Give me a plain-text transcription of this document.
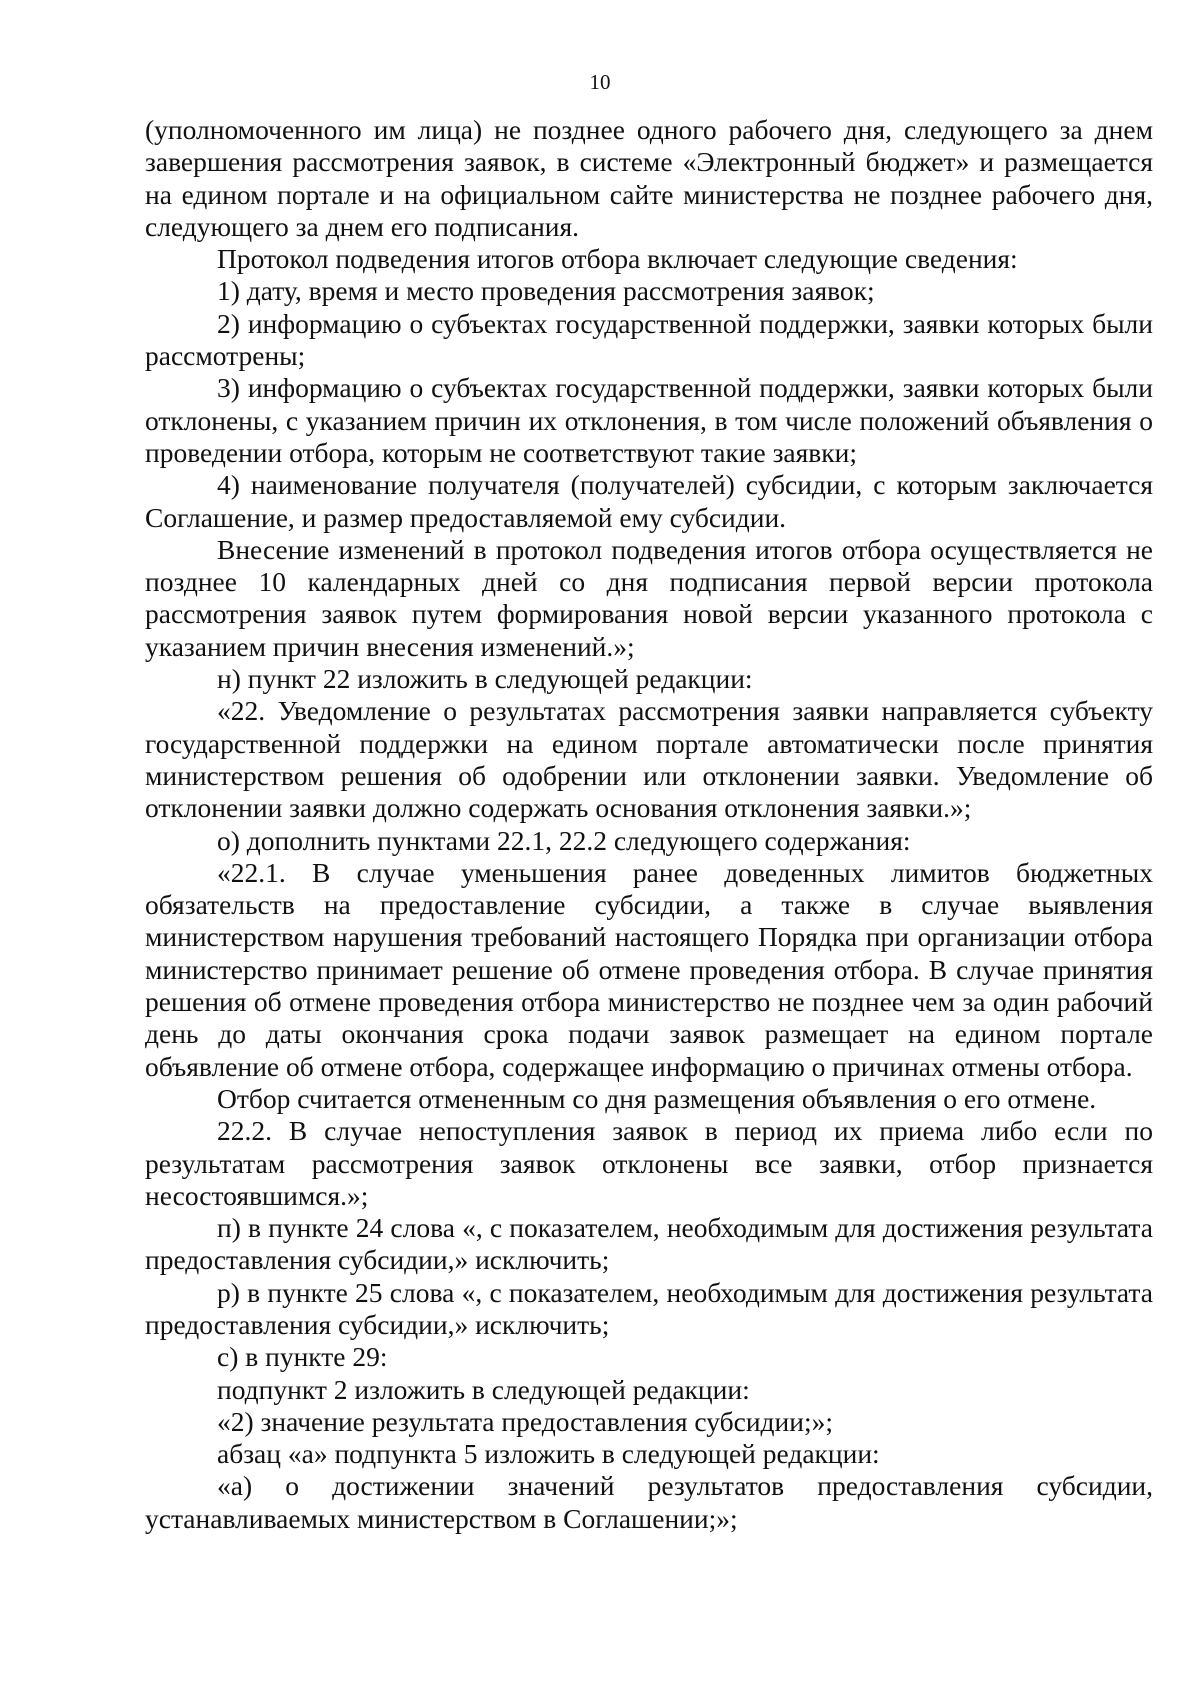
10

(уполномоченного им лица) не позднее одного рабочего дня, следующего за днем завершения рассмотрения заявок, в системе «Электронный бюджет» и размещается на едином портале и на официальном сайте министерства не позднее рабочего дня, следующего за днем его подписания.

Протокол подведения итогов отбора включает следующие сведения:

1) дату, время и место проведения рассмотрения заявок;

2) информацию о субъектах государственной поддержки, заявки которых были рассмотрены;

3) информацию о субъектах государственной поддержки, заявки которых были отклонены, с указанием причин их отклонения, в том числе положений объявления о проведении отбора, которым не соответствуют такие заявки;

4) наименование получателя (получателей) субсидии, с которым заключается Соглашение, и размер предоставляемой ему субсидии.

Внесение изменений в протокол подведения итогов отбора осуществляется не позднее 10 календарных дней со дня подписания первой версии протокола рассмотрения заявок путем формирования новой версии указанного протокола с указанием причин внесения изменений.»;

н) пункт 22 изложить в следующей редакции:

«22. Уведомление о результатах рассмотрения заявки направляется субъекту государственной поддержки на едином портале автоматически после принятия министерством решения об одобрении или отклонении заявки. Уведомление об отклонении заявки должно содержать основания отклонения заявки.»;

о) дополнить пунктами 22.1, 22.2 следующего содержания:

«22.1. В случае уменьшения ранее доведенных лимитов бюджетных обязательств на предоставление субсидии, а также в случае выявления министерством нарушения требований настоящего Порядка при организации отбора министерство принимает решение об отмене проведения отбора. В случае принятия решения об отмене проведения отбора министерство не позднее чем за один рабочий день до даты окончания срока подачи заявок размещает на едином портале объявление об отмене отбора, содержащее информацию о причинах отмены отбора.

Отбор считается отмененным со дня размещения объявления о его отмене.

22.2. В случае непоступления заявок в период их приема либо если по результатам рассмотрения заявок отклонены все заявки, отбор признается несостоявшимся.»;

п) в пункте 24 слова «, с показателем, необходимым для достижения результата предоставления субсидии,» исключить;

р) в пункте 25 слова «, с показателем, необходимым для достижения результата предоставления субсидии,» исключить;

с) в пункте 29:

подпункт 2 изложить в следующей редакции:

«2) значение результата предоставления субсидии;»;

абзац «а» подпункта 5 изложить в следующей редакции:

«а) о достижении значений результатов предоставления субсидии, устанавливаемых министерством в Соглашении;»;
